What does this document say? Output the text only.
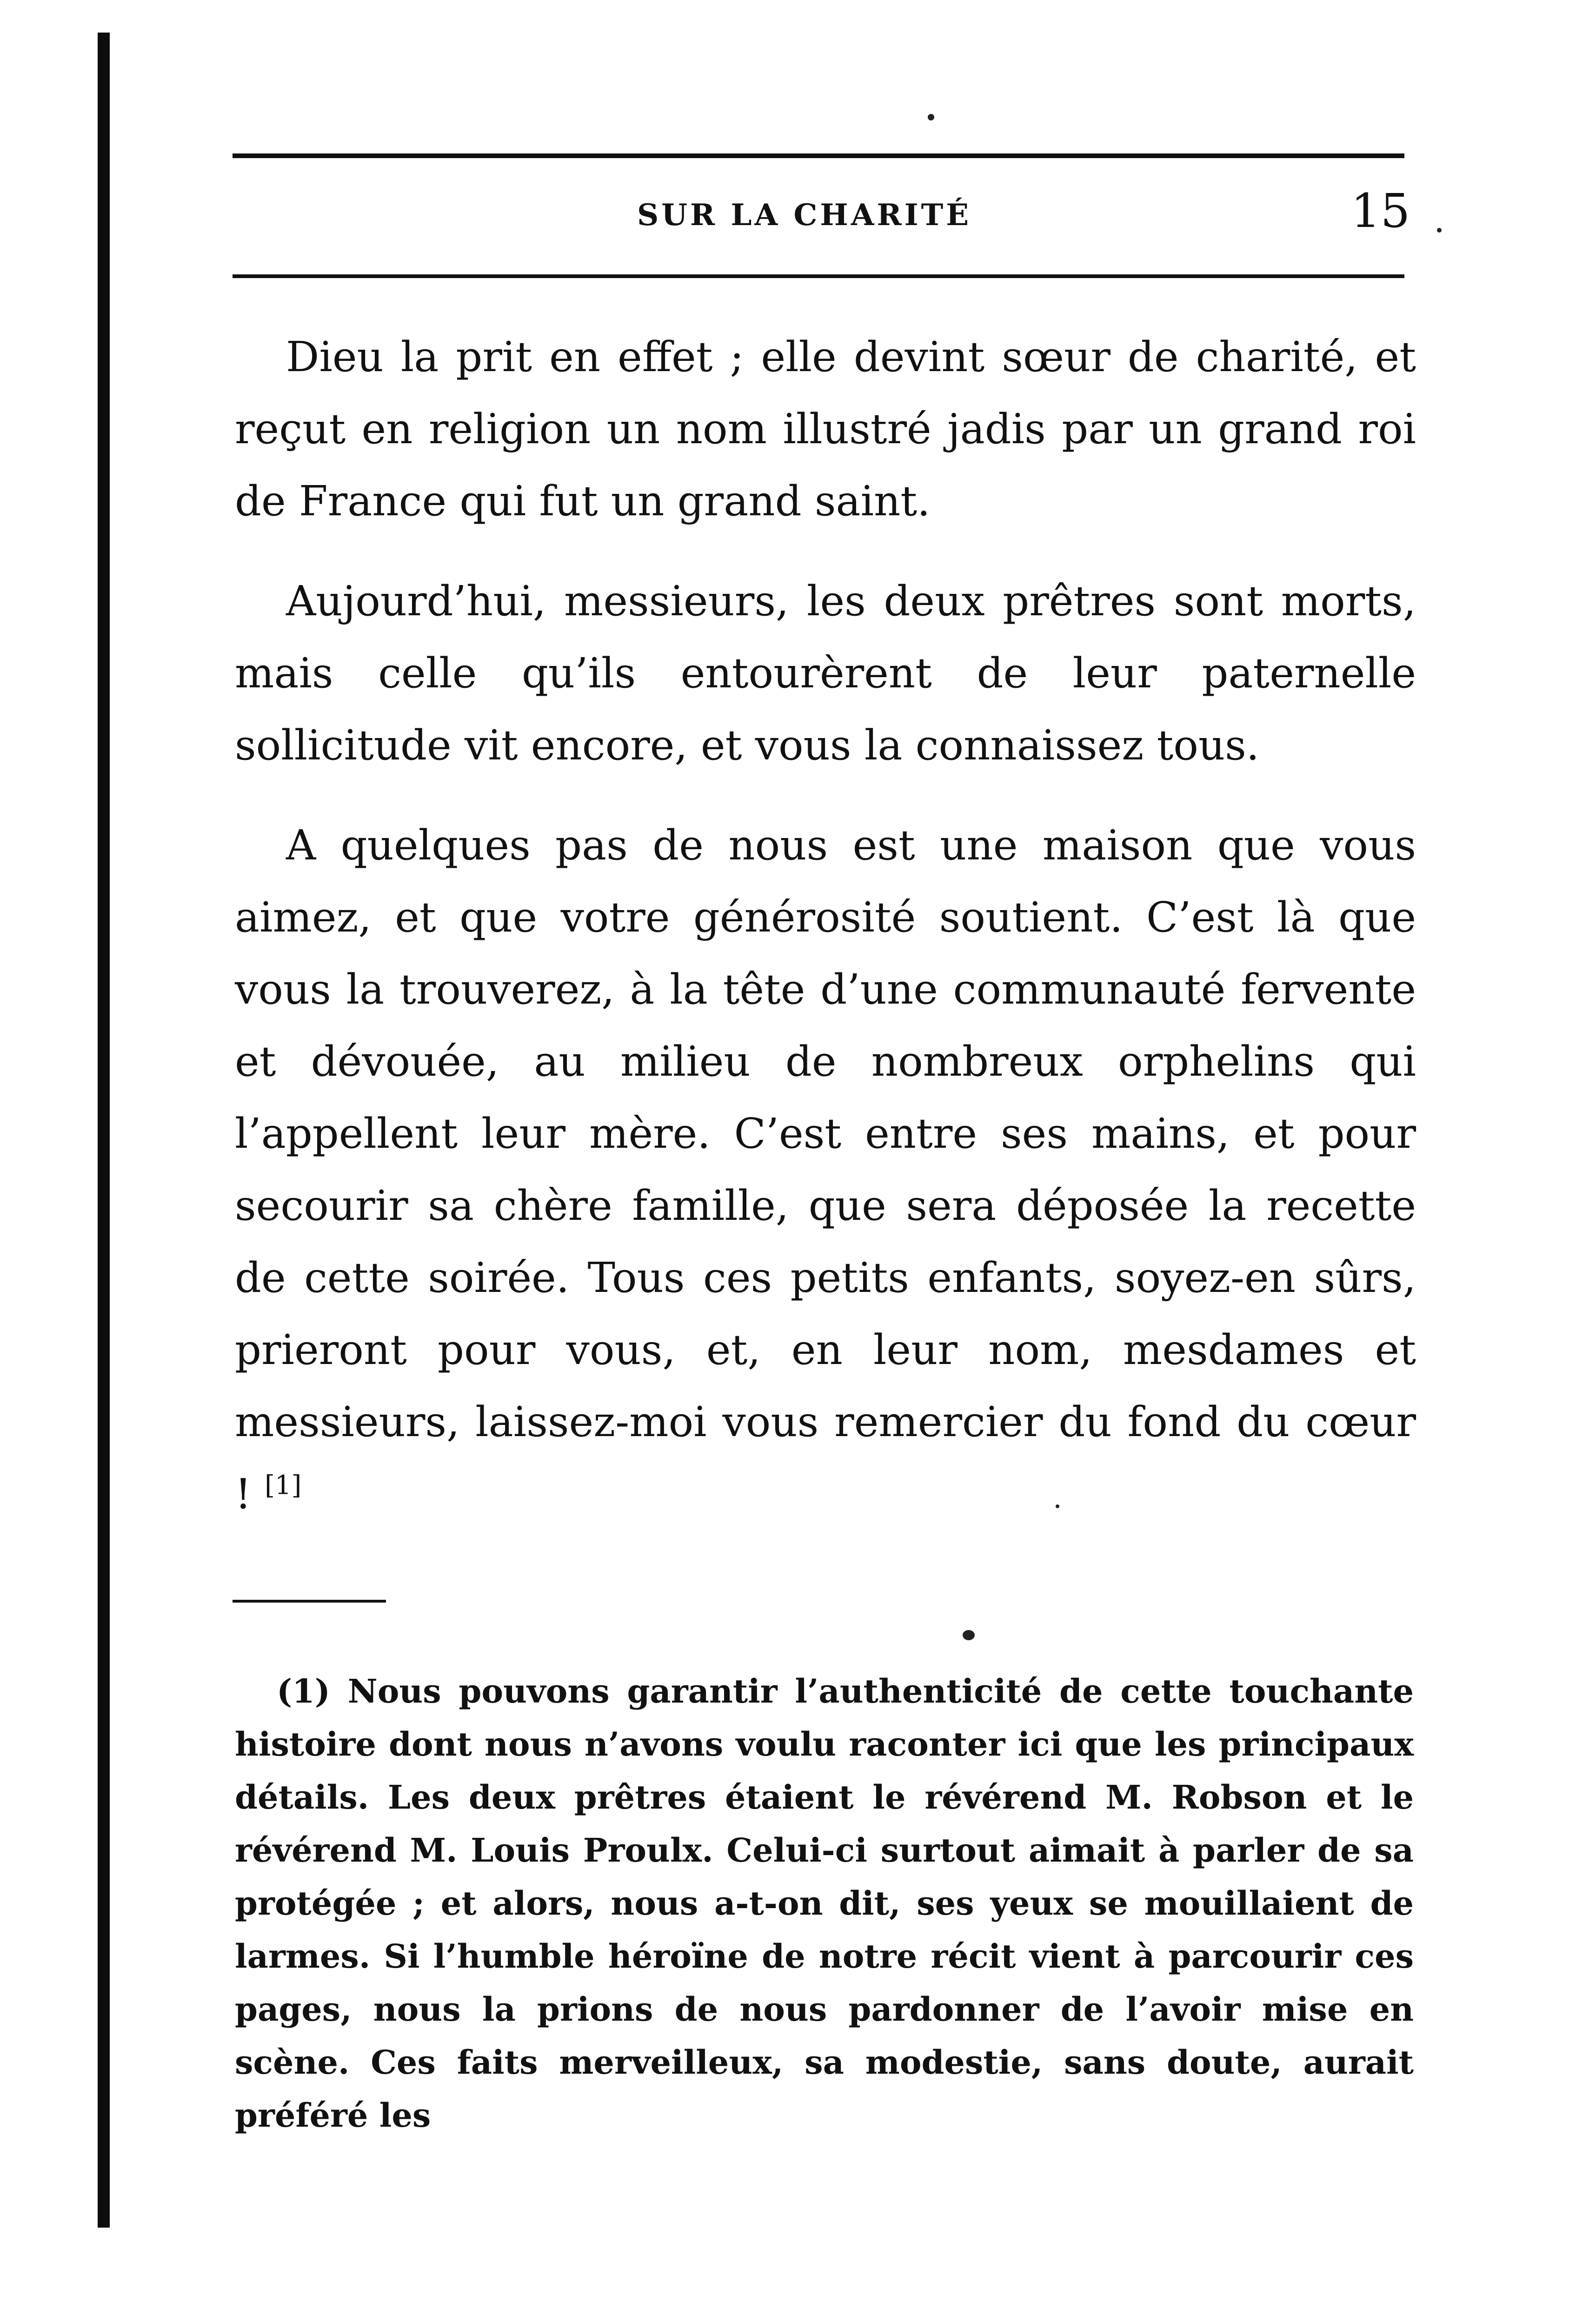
SUR LA CHARITÉ	15

Dieu la prit en effet ; elle devint sœur de charité, et reçut en religion un nom illustré jadis par un grand roi de France qui fut un grand saint.

Aujourd’hui, messieurs, les deux prêtres sont morts, mais celle qu’ils entourèrent de leur paternelle sollicitude vit encore, et vous la connaissez tous.

A quelques pas de nous est une maison que vous aimez, et que votre générosité soutient. C’est là que vous la trouverez, à la tête d’une communauté fervente et dévouée, au milieu de nombreux orphelins qui l’appellent leur mère. C’est entre ses mains, et pour secourir sa chère famille, que sera déposée la recette de cette soirée. Tous ces petits enfants, soyez-en sûrs, prieront pour vous, et, en leur nom, mesdames et messieurs, laissez-moi vous remercier du fond du cœur ! [1]

(1) Nous pouvons garantir l’authenticité de cette touchante histoire dont nous n’avons voulu raconter ici que les principaux détails. Les deux prêtres étaient le révérend M. Robson et le révérend M. Louis Proulx. Celui-ci surtout aimait à parler de sa protégée ; et alors, nous a-t-on dit, ses yeux se mouillaient de larmes. Si l’humble héroïne de notre récit vient à parcourir ces pages, nous la prions de nous pardonner de l’avoir mise en scène. Ces faits merveilleux, sa modestie, sans doute, aurait préféré les
